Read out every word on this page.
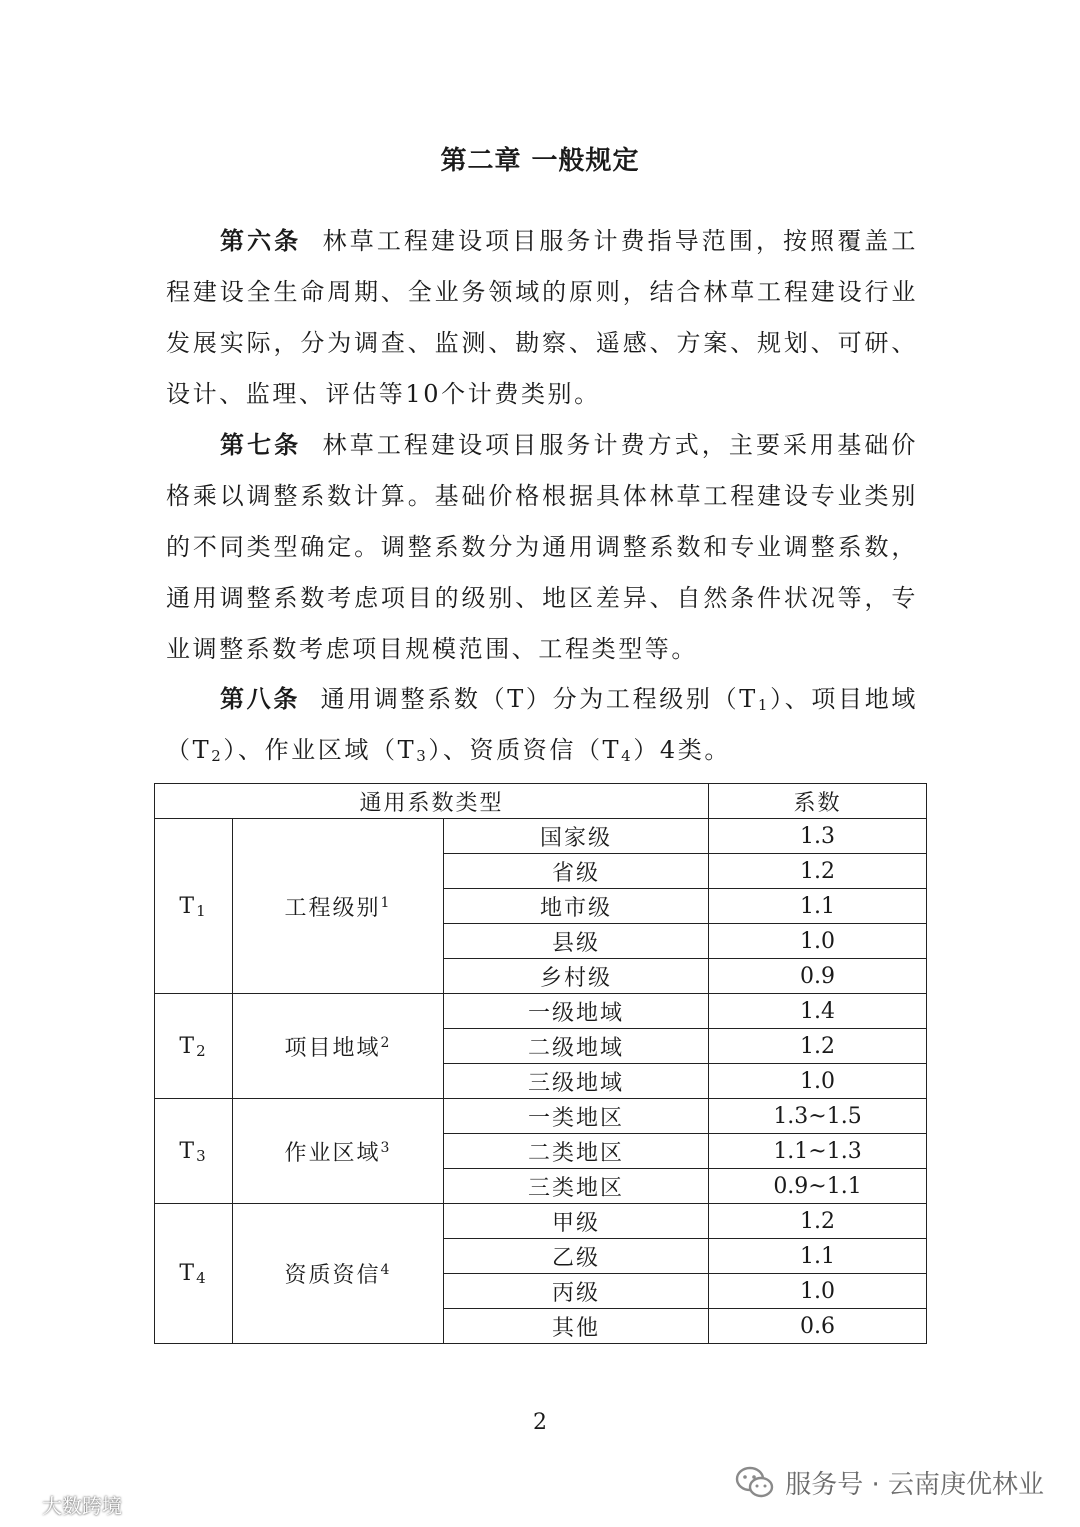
第二章 一般规定

第六条 林草工程建设项目服务计费指导范围，按照覆盖工程建设全生命周期、全业务领域的原则，结合林草工程建设行业发展实际，分为调查、监测、勘察、遥感、方案、规划、可研、设计、监理、评估等10个计费类别。

第七条 林草工程建设项目服务计费方式，主要采用基础价格乘以调整系数计算。基础价格根据具体林草工程建设专业类别的不同类型确定。调整系数分为通用调整系数和专业调整系数，通用调整系数考虑项目的级别、地区差异、自然条件状况等，专业调整系数考虑项目规模范围、工程类型等。

第八条 通用调整系数（T）分为工程级别$(T_1)$、项目地域$(T_2)$、作业区域$(T_3)$、资质资信$(T_4)4$类。

通用系数类型			系数
$T_1$	工程级别$^1$	国家级	1.3
		省级	1.2
		地市级	1.1
		县级	1.0
		乡村级	0.9
$T_2$	项目地域$^2$	一级地域	1.4
		二级地域	1.2
		三级地域	1.0
$T_3$	作业区域$^3$	一类地区	1.3~1.5
		二类地区	1.1~1.3
		三类地区	0.9~1.1
$T_4$	资质资信$^4$	甲级	1.2
		乙级	1.1
		丙级	1.0
		其他	0.6
2
服务号 · 云南庚优林业
大数跨境
